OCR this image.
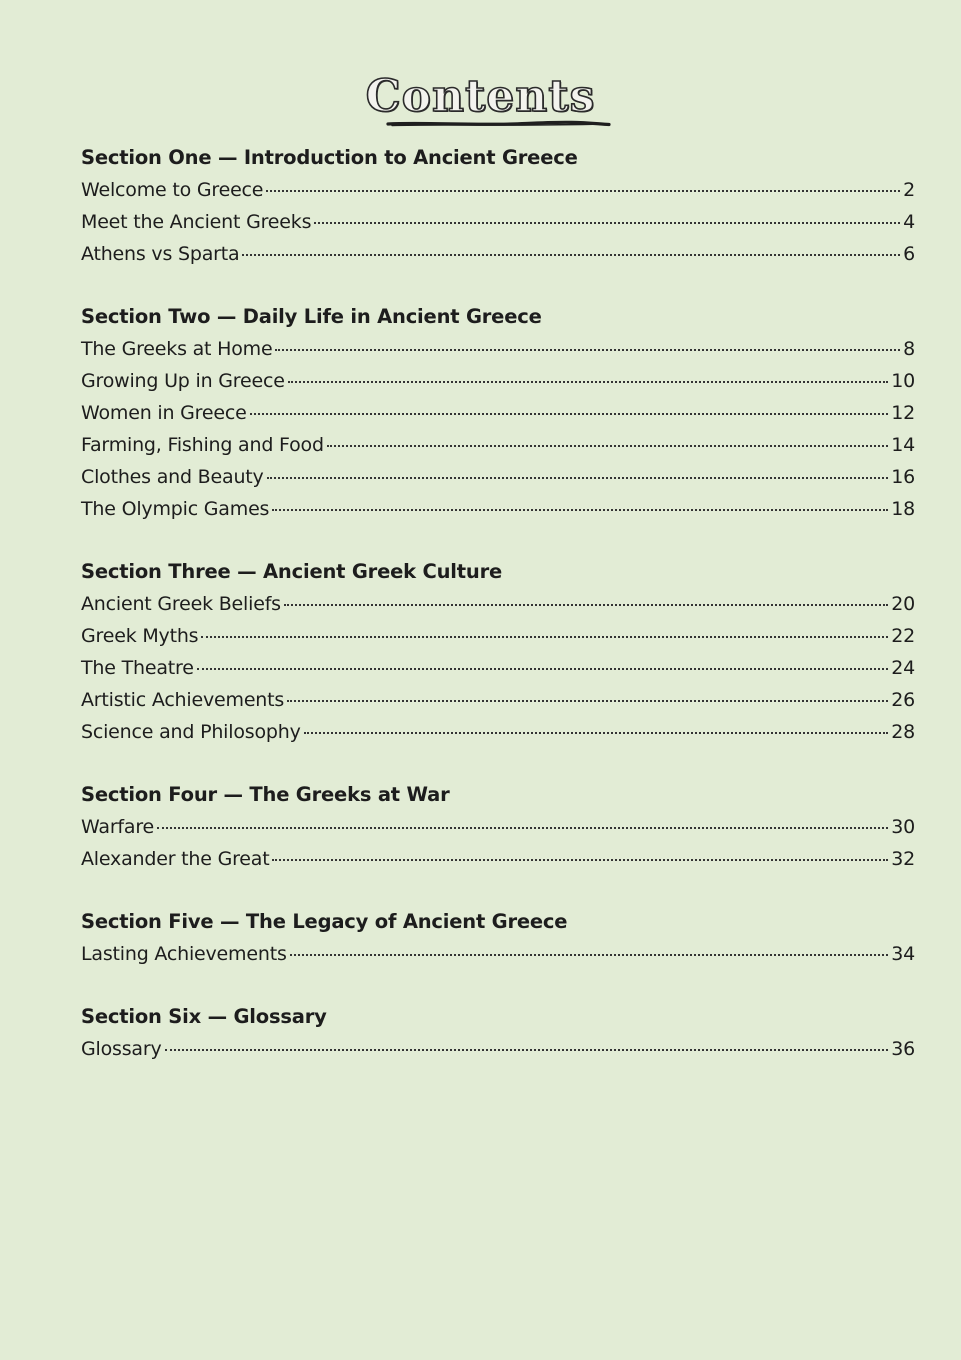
Contents
Section One — Introduction to Ancient Greece
Welcome to Greece	2
Meet the Ancient Greeks	4
Athens vs Sparta	6
Section Two — Daily Life in Ancient Greece
The Greeks at Home	8
Growing Up in Greece	10
Women in Greece	12
Farming, Fishing and Food	14
Clothes and Beauty	16
The Olympic Games	18
Section Three — Ancient Greek Culture
Ancient Greek Beliefs	20
Greek Myths	22
The Theatre	24
Artistic Achievements	26
Science and Philosophy	28
Section Four — The Greeks at War
Warfare	30
Alexander the Great	32
Section Five — The Legacy of Ancient Greece
Lasting Achievements	34
Section Six — Glossary
Glossary	36
